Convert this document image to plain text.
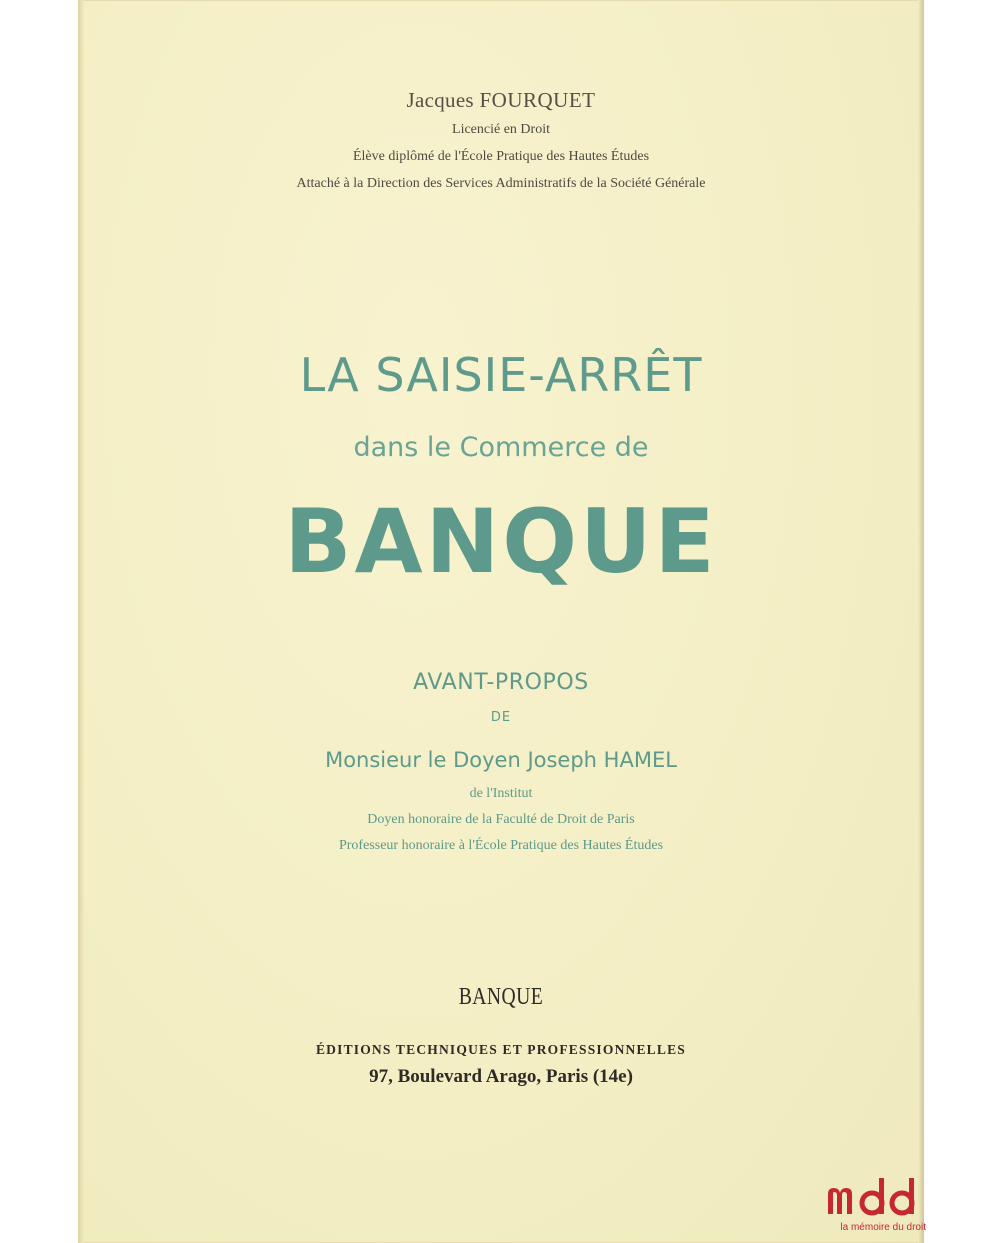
Jacques FOURQUET

Licencié en Droit

Élève diplômé de l'École Pratique des Hautes Études

Attaché à la Direction des Services Administratifs de la Société Générale

LA SAISIE-ARRÊT

dans le Commerce de

BANQUE

AVANT-PROPOS

DE

Monsieur le Doyen Joseph HAMEL

de l'Institut

Doyen honoraire de la Faculté de Droit de Paris

Professeur honoraire à l'École Pratique des Hautes Études

BANQUE

ÉDITIONS TECHNIQUES ET PROFESSIONNELLES

97, Boulevard Arago, Paris (14e)

la mémoire du droit
